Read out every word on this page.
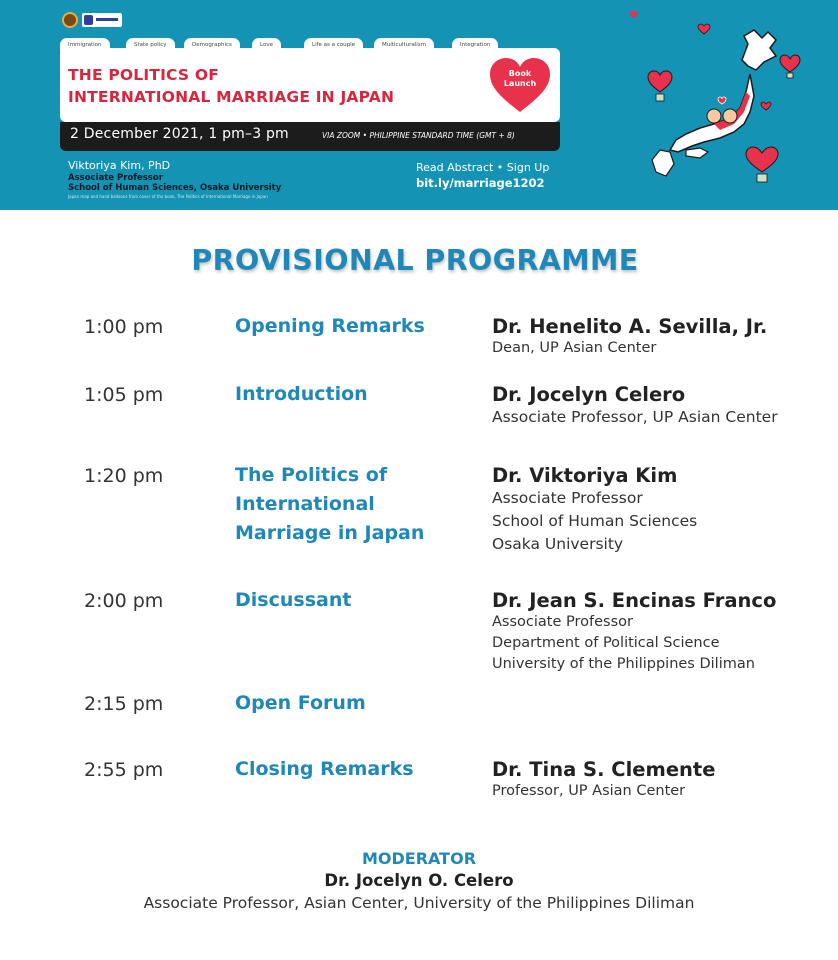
Immigration	State policy	Demographics	Love	Life as a couple	Multiculturalism	Integration
THE POLITICS OF
INTERNATIONAL MARRIAGE IN JAPAN
Book
Launch
2 December 2021, 1 pm–3 pm	VIA ZOOM • PHILIPPINE STANDARD TIME (GMT + 8)
Viktoriya Kim, PhD
Associate Professor
School of Human Sciences, Osaka University
Japan map and hand balloons from cover of the book, The Politics of International Marriage in Japan
Read Abstract • Sign Up
bit.ly/marriage1202
PROVISIONAL PROGRAMME
1:00 pm	Opening Remarks	Dr. Henelito A. Sevilla, Jr.
Dean, UP Asian Center
1:05 pm	Introduction	Dr. Jocelyn Celero
Associate Professor, UP Asian Center
1:20 pm	The Politics of International Marriage in Japan
Dr. Viktoriya Kim
Associate Professor
School of Human Sciences
Osaka University
2:00 pm	Discussant	Dr. Jean S. Encinas Franco
Associate Professor
Department of Political Science
University of the Philippines Diliman
2:15 pm	Open Forum
2:55 pm	Closing Remarks	Dr. Tina S. Clemente
Professor, UP Asian Center
MODERATOR
Dr. Jocelyn O. Celero
Associate Professor, Asian Center, University of the Philippines Diliman
